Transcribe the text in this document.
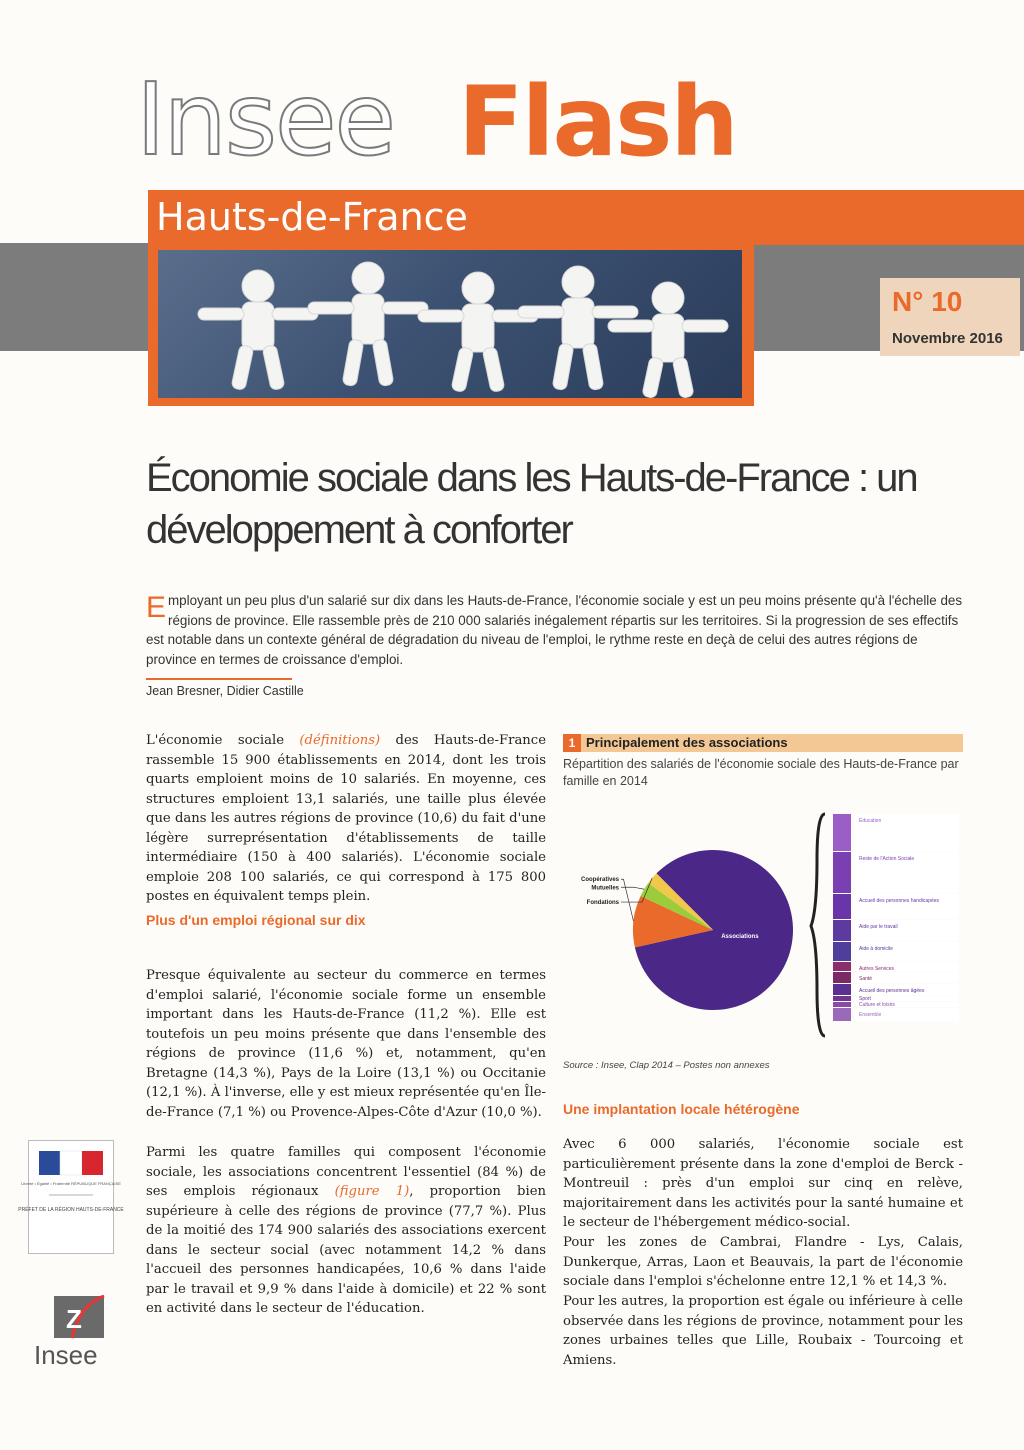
Insee Flash
Hauts-de-France
N° 10
Novembre 2016
Économie sociale dans les Hauts-de-France : un développement à conforter
Employant un peu plus d'un salarié sur dix dans les Hauts-de-France, l'économie sociale y est un peu moins présente qu'à l'échelle des régions de province. Elle rassemble près de 210 000 salariés inégalement répartis sur les territoires. Si la progression de ses effectifs est notable dans un contexte général de dégradation du niveau de l'emploi, le rythme reste en deçà de celui des autres régions de province en termes de croissance d'emploi.
Jean Bresner, Didier Castille
L'économie sociale (définitions) des Hauts-de-France rassemble 15 900 établissements en 2014, dont les trois quarts emploient moins de 10 salariés. En moyenne, ces structures emploient 13,1 salariés, une taille plus élevée que dans les autres régions de province (10,6) du fait d'une légère surreprésentation d'établissements de taille intermédiaire (150 à 400 salariés). L'économie sociale emploie 208 100 salariés, ce qui correspond à 175 800 postes en équivalent temps plein.
Plus d'un emploi régional sur dix
Presque équivalente au secteur du commerce en termes d'emploi salarié, l'économie sociale forme un ensemble important dans les Hauts-de-France (11,2 %). Elle est toutefois un peu moins présente que dans l'ensemble des régions de province (11,6 %) et, notamment, qu'en Bretagne (14,3 %), Pays de la Loire (13,1 %) ou Occitanie (12,1 %). À l'inverse, elle y est mieux représentée qu'en Île-de-France (7,1 %) ou Provence-Alpes-Côte d'Azur (10,0 %).
Parmi les quatre familles qui composent l'économie sociale, les associations concentrent l'essentiel (84 %) de ses emplois régionaux (figure 1), proportion bien supérieure à celle des régions de province (77,7 %). Plus de la moitié des 174 900 salariés des associations exercent dans le secteur social (avec notamment 14,2 % dans l'accueil des personnes handicapées, 10,6 % dans l'aide par le travail et 9,9 % dans l'aide à domicile) et 22 % sont en activité dans le secteur de l'éducation.
1 Principalement des associations
Répartition des salariés de l'économie sociale des Hauts-de-France par famille en 2014
Associations
Coopératives
Mutuelles
Fondations
Éducation
Reste de l'Action Sociale
Accueil des personnes handicapées
Aide par le travail
Aide à domicile
Autres Services
Santé
Accueil des personnes âgées
Sport
Culture et loisirs
Ensemble
Source : Insee, Clap 2014 – Postes non annexes
Une implantation locale hétérogène
Avec 6 000 salariés, l'économie sociale est particulièrement présente dans la zone d'emploi de Berck - Montreuil : près d'un emploi sur cinq en relève, majoritairement dans les activités pour la santé humaine et le secteur de l'hébergement médico-social.
Pour les zones de Cambrai, Flandre - Lys, Calais, Dunkerque, Arras, Laon et Beauvais, la part de l'économie sociale dans l'emploi s'échelonne entre 12,1 % et 14,3 %.
Pour les autres, la proportion est égale ou inférieure à celle observée dans les régions de province, notamment pour les zones urbaines telles que Lille, Roubaix - Tourcoing et Amiens.
Liberté • Égalité • Fraternité RÉPUBLIQUE FRANÇAISE
PRÉFET DE LA RÉGION HAUTS-DE-FRANCE
Z
Insee
